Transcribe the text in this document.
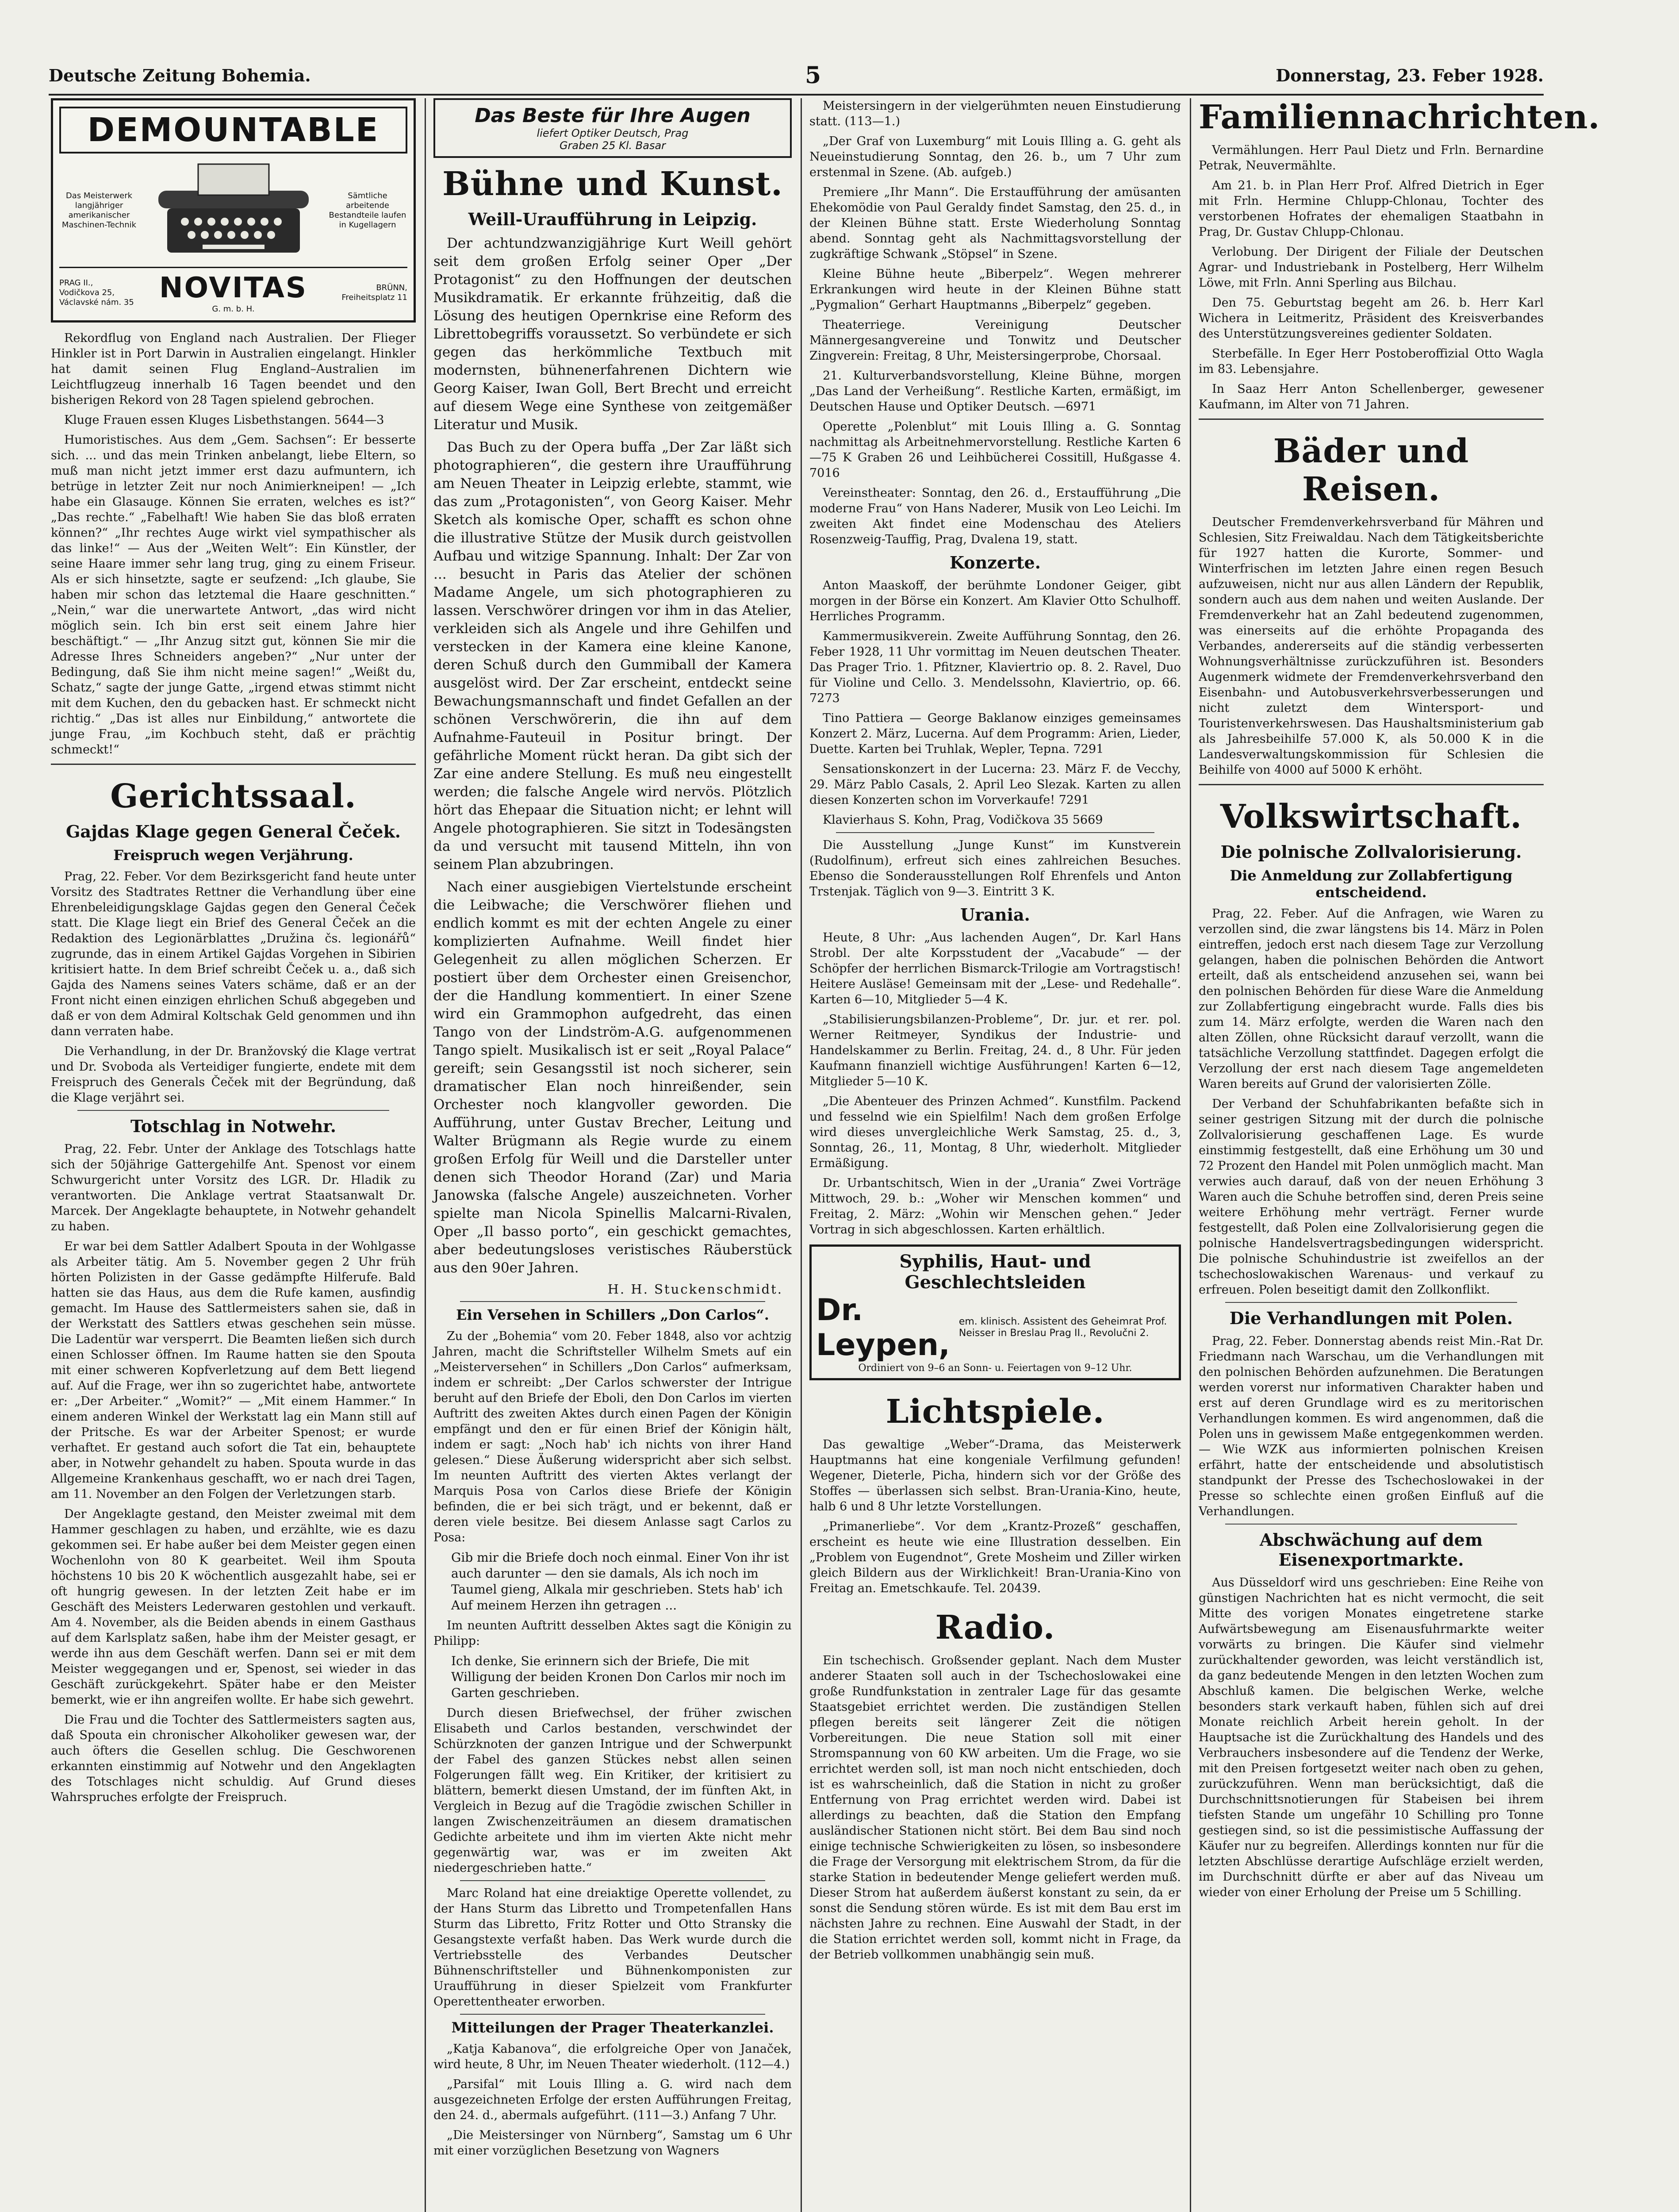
Deutsche Zeitung Bohemia.	5	Donnerstag, 23. Feber 1928.
DEMOUNTABLE
Das Meisterwerk langjähriger amerikanischer Maschinen-Technik
Sämtliche arbeitende Bestandteile laufen in Kugellagern
PRAG II., Vodičkova 25, Václavské nám. 35 NOVITAS
G. m. b. H.
BRÜNN, Freiheitsplatz 11

Rekordflug von England nach Australien. Der Flieger Hinkler ist in Port Darwin in Australien eingelangt. Hinkler hat damit seinen Flug England–Australien im Leichtflugzeug innerhalb 16 Tagen beendet und den bisherigen Rekord von 28 Tagen spielend gebrochen.

Kluge Frauen essen Kluges Lisbethstangen. 5644—3

Humoristisches. Aus dem „Gem. Sachsen“: Er besserte sich. ... und das mein Trinken anbelangt, liebe Eltern, so muß man nicht jetzt immer erst dazu aufmuntern, ich betrüge in letzter Zeit nur noch Animierkneipen! — „Ich habe ein Glasauge. Können Sie erraten, welches es ist?“ „Das rechte.“ „Fabelhaft! Wie haben Sie das bloß erraten können?“ „Ihr rechtes Auge wirkt viel sympathischer als das linke!“ — Aus der „Weiten Welt“: Ein Künstler, der seine Haare immer sehr lang trug, ging zu einem Friseur. Als er sich hinsetzte, sagte er seufzend: „Ich glaube, Sie haben mir schon das letztemal die Haare geschnitten.“ „Nein,“ war die unerwartete Antwort, „das wird nicht möglich sein. Ich bin erst seit einem Jahre hier beschäftigt.“ — „Ihr Anzug sitzt gut, können Sie mir die Adresse Ihres Schneiders angeben?“ „Nur unter der Bedingung, daß Sie ihm nicht meine sagen!“ „Weißt du, Schatz,“ sagte der junge Gatte, „irgend etwas stimmt nicht mit dem Kuchen, den du gebacken hast. Er schmeckt nicht richtig.“ „Das ist alles nur Einbildung,“ antwortete die junge Frau, „im Kochbuch steht, daß er prächtig schmeckt!“

Gerichtssaal.
Gajdas Klage gegen General Čeček.
Freispruch wegen Verjährung.

Prag, 22. Feber. Vor dem Bezirksgericht fand heute unter Vorsitz des Stadtrates Rettner die Verhandlung über eine Ehrenbeleidigungsklage Gajdas gegen den General Čeček statt. Die Klage liegt ein Brief des General Čeček an die Redaktion des Legionärblattes „Družina čs. legionářů“ zugrunde, das in einem Artikel Gajdas Vorgehen in Sibirien kritisiert hatte. In dem Brief schreibt Čeček u. a., daß sich Gajda des Namens seines Vaters schäme, daß er an der Front nicht einen einzigen ehrlichen Schuß abgegeben und daß er von dem Admiral Koltschak Geld genommen und ihn dann verraten habe.

Die Verhandlung, in der Dr. Branžovský die Klage vertrat und Dr. Svoboda als Verteidiger fungierte, endete mit dem Freispruch des Generals Čeček mit der Begründung, daß die Klage verjährt sei.

Totschlag in Notwehr.

Prag, 22. Febr. Unter der Anklage des Totschlags hatte sich der 50jährige Gattergehilfe Ant. Spenost vor einem Schwurgericht unter Vorsitz des LGR. Dr. Hladik zu verantworten. Die Anklage vertrat Staatsanwalt Dr. Marcek. Der Angeklagte behauptete, in Notwehr gehandelt zu haben.

Er war bei dem Sattler Adalbert Spouta in der Wohlgasse als Arbeiter tätig. Am 5. November gegen 2 Uhr früh hörten Polizisten in der Gasse gedämpfte Hilferufe. Bald hatten sie das Haus, aus dem die Rufe kamen, ausfindig gemacht. Im Hause des Sattlermeisters sahen sie, daß in der Werkstatt des Sattlers etwas geschehen sein müsse. Die Ladentür war versperrt. Die Beamten ließen sich durch einen Schlosser öffnen. Im Raume hatten sie den Spouta mit einer schweren Kopfverletzung auf dem Bett liegend auf. Auf die Frage, wer ihn so zugerichtet habe, antwortete er: „Der Arbeiter.“ „Womit?“ — „Mit einem Hammer.“ In einem anderen Winkel der Werkstatt lag ein Mann still auf der Pritsche. Es war der Arbeiter Spenost; er wurde verhaftet. Er gestand auch sofort die Tat ein, behauptete aber, in Notwehr gehandelt zu haben. Spouta wurde in das Allgemeine Krankenhaus geschafft, wo er nach drei Tagen, am 11. November an den Folgen der Verletzungen starb.

Der Angeklagte gestand, den Meister zweimal mit dem Hammer geschlagen zu haben, und erzählte, wie es dazu gekommen sei. Er habe außer bei dem Meister gegen einen Wochenlohn von 80 K gearbeitet. Weil ihm Spouta höchstens 10 bis 20 K wöchentlich ausgezahlt habe, sei er oft hungrig gewesen. In der letzten Zeit habe er im Geschäft des Meisters Lederwaren gestohlen und verkauft. Am 4. November, als die Beiden abends in einem Gasthaus auf dem Karlsplatz saßen, habe ihm der Meister gesagt, er werde ihn aus dem Geschäft werfen. Dann sei er mit dem Meister weggegangen und er, Spenost, sei wieder in das Geschäft zurückgekehrt. Später habe er den Meister bemerkt, wie er ihn angreifen wollte. Er habe sich gewehrt.

Die Frau und die Tochter des Sattlermeisters sagten aus, daß Spouta ein chronischer Alkoholiker gewesen war, der auch öfters die Gesellen schlug. Die Geschworenen erkannten einstimmig auf Notwehr und den Angeklagten des Totschlages nicht schuldig. Auf Grund dieses Wahrspruches erfolgte der Freispruch.

Das Beste für Ihre Augen
liefert Optiker Deutsch, Prag
Graben 25 Kl. Basar
Bühne und Kunst.
Weill-Uraufführung in Leipzig.

Der achtundzwanzigjährige Kurt Weill gehört seit dem großen Erfolg seiner Oper „Der Protagonist“ zu den Hoffnungen der deutschen Musikdramatik. Er erkannte frühzeitig, daß die Lösung des heutigen Opernkrise eine Reform des Librettobegriffs voraussetzt. So verbündete er sich gegen das herkömmliche Textbuch mit modernsten, bühnenerfahrenen Dichtern wie Georg Kaiser, Iwan Goll, Bert Brecht und erreicht auf diesem Wege eine Synthese von zeitgemäßer Literatur und Musik.

Das Buch zu der Opera buffa „Der Zar läßt sich photographieren“, die gestern ihre Uraufführung am Neuen Theater in Leipzig erlebte, stammt, wie das zum „Protagonisten“, von Georg Kaiser. Mehr Sketch als komische Oper, schafft es schon ohne die illustrative Stütze der Musik durch geistvollen Aufbau und witzige Spannung. Inhalt: Der Zar von ... besucht in Paris das Atelier der schönen Madame Angele, um sich photographieren zu lassen. Verschwörer dringen vor ihm in das Atelier, verkleiden sich als Angele und ihre Gehilfen und verstecken in der Kamera eine kleine Kanone, deren Schuß durch den Gummiball der Kamera ausgelöst wird. Der Zar erscheint, entdeckt seine Bewachungsmannschaft und findet Gefallen an der schönen Verschwörerin, die ihn auf dem Aufnahme-Fauteuil in Positur bringt. Der gefährliche Moment rückt heran. Da gibt sich der Zar eine andere Stellung. Es muß neu eingestellt werden; die falsche Angele wird nervös. Plötzlich hört das Ehepaar die Situation nicht; er lehnt will Angele photographieren. Sie sitzt in Todesängsten da und versucht mit tausend Mitteln, ihn von seinem Plan abzubringen.

Nach einer ausgiebigen Viertelstunde erscheint die Leibwache; die Verschwörer fliehen und endlich kommt es mit der echten Angele zu einer komplizierten Aufnahme. Weill findet hier Gelegenheit zu allen möglichen Scherzen. Er postiert über dem Orchester einen Greisenchor, der die Handlung kommentiert. In einer Szene wird ein Grammophon aufgedreht, das einen Tango von der Lindström-A.G. aufgenommenen Tango spielt. Musikalisch ist er seit „Royal Palace“ gereift; sein Gesangsstil ist noch sicherer, sein dramatischer Elan noch hinreißender, sein Orchester noch klangvoller geworden. Die Aufführung, unter Gustav Brecher, Leitung und Walter Brügmann als Regie wurde zu einem großen Erfolg für Weill und die Darsteller unter denen sich Theodor Horand (Zar) und Maria Janowska (falsche Angele) auszeichneten. Vorher spielte man Nicola Spinellis Malcarni-Rivalen, Oper „Il basso porto“, ein geschickt gemachtes, aber bedeutungsloses veristisches Räuberstück aus den 90er Jahren.

H. H. Stuckenschmidt.
Ein Versehen in Schillers „Don Carlos“.

Zu der „Bohemia“ vom 20. Feber 1848, also vor achtzig Jahren, macht die Schriftsteller Wilhelm Smets auf ein „Meisterversehen“ in Schillers „Don Carlos“ aufmerksam, indem er schreibt: „Der Carlos schwerster der Intrigue beruht auf den Briefe der Eboli, den Don Carlos im vierten Auftritt des zweiten Aktes durch einen Pagen der Königin empfängt und den er für einen Brief der Königin hält, indem er sagt: „Noch hab' ich nichts von ihrer Hand gelesen.“ Diese Äußerung widerspricht aber sich selbst. Im neunten Auftritt des vierten Aktes verlangt der Marquis Posa von Carlos diese Briefe der Königin befinden, die er bei sich trägt, und er bekennt, daß er deren viele besitze. Bei diesem Anlasse sagt Carlos zu Posa:

Gib mir die Briefe doch noch einmal. Einer Von ihr ist auch darunter — den sie damals, Als ich noch im Taumel gieng, Alkala mir geschrieben. Stets hab' ich Auf meinem Herzen ihn getragen ...

Im neunten Auftritt desselben Aktes sagt die Königin zu Philipp:

Ich denke, Sie erinnern sich der Briefe, Die mit Willigung der beiden Kronen Don Carlos mir noch im Garten geschrieben.

Durch diesen Briefwechsel, der früher zwischen Elisabeth und Carlos bestanden, verschwindet der Schürzknoten der ganzen Intrigue und der Schwerpunkt der Fabel des ganzen Stückes nebst allen seinen Folgerungen fällt weg. Ein Kritiker, der kritisiert zu blättern, bemerkt diesen Umstand, der im fünften Akt, in Vergleich in Bezug auf die Tragödie zwischen Schiller in langen Zwischenzeiträumen an diesem dramatischen Gedichte arbeitete und ihm im vierten Akte nicht mehr gegenwärtig war, was er im zweiten Akt niedergeschrieben hatte.“

Marc Roland hat eine dreiaktige Operette vollendet, zu der Hans Sturm das Libretto und Trompetenfallen Hans Sturm das Libretto, Fritz Rotter und Otto Stransky die Gesangstexte verfaßt haben. Das Werk wurde durch die Vertriebsstelle des Verbandes Deutscher Bühnenschriftsteller und Bühnenkomponisten zur Uraufführung in dieser Spielzeit vom Frankfurter Operettentheater erworben.

Mitteilungen der Prager Theaterkanzlei.

„Katja Kabanova“, die erfolgreiche Oper von Janaček, wird heute, 8 Uhr, im Neuen Theater wiederholt. (112—4.)

„Parsifal“ mit Louis Illing a. G. wird nach dem ausgezeichneten Erfolge der ersten Aufführungen Freitag, den 24. d., abermals aufgeführt. (111—3.) Anfang 7 Uhr.

„Die Meistersinger von Nürnberg“, Samstag um 6 Uhr mit einer vorzüglichen Besetzung von Wagners

Meistersingern in der vielgerühmten neuen Einstudierung statt. (113—1.)

„Der Graf von Luxemburg“ mit Louis Illing a. G. geht als Neueinstudierung Sonntag, den 26. b., um 7 Uhr zum erstenmal in Szene. (Ab. aufgeb.)

Premiere „Ihr Mann“. Die Erstaufführung der amüsanten Ehekomödie von Paul Geraldy findet Samstag, den 25. d., in der Kleinen Bühne statt. Erste Wiederholung Sonntag abend. Sonntag geht als Nachmittagsvorstellung der zugkräftige Schwank „Stöpsel“ in Szene.

Kleine Bühne heute „Biberpelz“. Wegen mehrerer Erkrankungen wird heute in der Kleinen Bühne statt „Pygmalion“ Gerhart Hauptmanns „Biberpelz“ gegeben.

Theaterriege. Vereinigung Deutscher Männergesangvereine und Tonwitz und Deutscher Zingverein: Freitag, 8 Uhr, Meistersingerprobe, Chorsaal.

21. Kulturverbandsvorstellung, Kleine Bühne, morgen „Das Land der Verheißung“. Restliche Karten, ermäßigt, im Deutschen Hause und Optiker Deutsch. —6971

Operette „Polenblut“ mit Louis Illing a. G. Sonntag nachmittag als Arbeitnehmervorstellung. Restliche Karten 6—75 K Graben 26 und Leihbücherei Cossitill, Hußgasse 4. 7016

Vereinstheater: Sonntag, den 26. d., Erstaufführung „Die moderne Frau“ von Hans Naderer, Musik von Leo Leichi. Im zweiten Akt findet eine Modenschau des Ateliers Rosenzweig-Tauffig, Prag, Dvalena 19, statt.

Konzerte.

Anton Maaskoff, der berühmte Londoner Geiger, gibt morgen in der Börse ein Konzert. Am Klavier Otto Schulhoff. Herrliches Programm.

Kammermusikverein. Zweite Aufführung Sonntag, den 26. Feber 1928, 11 Uhr vormittag im Neuen deutschen Theater. Das Prager Trio. 1. Pfitzner, Klaviertrio op. 8. 2. Ravel, Duo für Violine und Cello. 3. Mendelssohn, Klaviertrio, op. 66. 7273

Tino Pattiera — George Baklanow einziges gemeinsames Konzert 2. März, Lucerna. Auf dem Programm: Arien, Lieder, Duette. Karten bei Truhlak, Wepler, Tepna. 7291

Sensationskonzert in der Lucerna: 23. März F. de Vecchy, 29. März Pablo Casals, 2. April Leo Slezak. Karten zu allen diesen Konzerten schon im Vorverkaufe! 7291

Klavierhaus S. Kohn, Prag, Vodičkova 35 5669

Die Ausstellung „Junge Kunst“ im Kunstverein (Rudolfinum), erfreut sich eines zahlreichen Besuches. Ebenso die Sonderausstellungen Rolf Ehrenfels und Anton Trstenjak. Täglich von 9—3. Eintritt 3 K.

Urania.

Heute, 8 Uhr: „Aus lachenden Augen“, Dr. Karl Hans Strobl. Der alte Korpsstudent der „Vacabude“ — der Schöpfer der herrlichen Bismarck-Trilogie am Vortragstisch! Heitere Ausläse! Gemeinsam mit der „Lese- und Redehalle“. Karten 6—10, Mitglieder 5—4 K.

„Stabilisierungsbilanzen-Probleme“, Dr. jur. et rer. pol. Werner Reitmeyer, Syndikus der Industrie- und Handelskammer zu Berlin. Freitag, 24. d., 8 Uhr. Für jeden Kaufmann finanziell wichtige Ausführungen! Karten 6—12, Mitglieder 5—10 K.

„Die Abenteuer des Prinzen Achmed“. Kunstfilm. Packend und fesselnd wie ein Spielfilm! Nach dem großen Erfolge wird dieses unvergleichliche Werk Samstag, 25. d., 3, Sonntag, 26., 11, Montag, 8 Uhr, wiederholt. Mitglieder Ermäßigung.

Dr. Urbantschitsch, Wien in der „Urania“ Zwei Vorträge Mittwoch, 29. b.: „Woher wir Menschen kommen“ und Freitag, 2. März: „Wohin wir Menschen gehen.“ Jeder Vortrag in sich abgeschlossen. Karten erhältlich.

Syphilis, Haut- und Geschlechtsleiden
Dr. Leypen,
em. klinisch. Assistent des Geheimrat Prof. Neisser in Breslau Prag II., Revolučni 2.
Ordiniert von 9–6 an Sonn- u. Feiertagen von 9–12 Uhr.
Lichtspiele.

Das gewaltige „Weber“-Drama, das Meisterwerk Hauptmanns hat eine kongeniale Verfilmung gefunden! Wegener, Dieterle, Picha, hindern sich vor der Größe des Stoffes — überlassen sich selbst. Bran-Urania-Kino, heute, halb 6 und 8 Uhr letzte Vorstellungen.

„Primanerliebe“. Vor dem „Krantz-Prozeß“ geschaffen, erscheint es heute wie eine Illustration desselben. Ein „Problem von Eugendnot“, Grete Mosheim und Ziller wirken gleich Bildern aus der Wirklichkeit! Bran-Urania-Kino von Freitag an. Emetschkaufe. Tel. 20439.

Radio.

Ein tschechisch. Großsender geplant. Nach dem Muster anderer Staaten soll auch in der Tschechoslowakei eine große Rundfunkstation in zentraler Lage für das gesamte Staatsgebiet errichtet werden. Die zuständigen Stellen pflegen bereits seit längerer Zeit die nötigen Vorbereitungen. Die neue Station soll mit einer Stromspannung von 60 KW arbeiten. Um die Frage, wo sie errichtet werden soll, ist man noch nicht entschieden, doch ist es wahrscheinlich, daß die Station in nicht zu großer Entfernung von Prag errichtet werden wird. Dabei ist allerdings zu beachten, daß die Station den Empfang ausländischer Stationen nicht stört. Bei dem Bau sind noch einige technische Schwierigkeiten zu lösen, so insbesondere die Frage der Versorgung mit elektrischem Strom, da für die starke Station in bedeutender Menge geliefert werden muß. Dieser Strom hat außerdem äußerst konstant zu sein, da er sonst die Sendung stören würde. Es ist mit dem Bau erst im nächsten Jahre zu rechnen. Eine Auswahl der Stadt, in der die Station errichtet werden soll, kommt nicht in Frage, da der Betrieb vollkommen unabhängig sein muß.

Familiennachrichten.

Vermählungen. Herr Paul Dietz und Frln. Bernardine Petrak, Neuvermählte.

Am 21. b. in Plan Herr Prof. Alfred Dietrich in Eger mit Frln. Hermine Chlupp-Chlonau, Tochter des verstorbenen Hofrates der ehemaligen Staatbahn in Prag, Dr. Gustav Chlupp-Chlonau.

Verlobung. Der Dirigent der Filiale der Deutschen Agrar- und Industriebank in Postelberg, Herr Wilhelm Löwe, mit Frln. Anni Sperling aus Bilchau.

Den 75. Geburtstag begeht am 26. b. Herr Karl Wichera in Leitmeritz, Präsident des Kreisverbandes des Unterstützungsvereines gedienter Soldaten.

Sterbefälle. In Eger Herr Postoberoffizial Otto Wagla im 83. Lebensjahre.

In Saaz Herr Anton Schellenberger, gewesener Kaufmann, im Alter von 71 Jahren.

Bäder und Reisen.

Deutscher Fremdenverkehrsverband für Mähren und Schlesien, Sitz Freiwaldau. Nach dem Tätigkeitsberichte für 1927 hatten die Kurorte, Sommer- und Winterfrischen im letzten Jahre einen regen Besuch aufzuweisen, nicht nur aus allen Ländern der Republik, sondern auch aus dem nahen und weiten Auslande. Der Fremdenverkehr hat an Zahl bedeutend zugenommen, was einerseits auf die erhöhte Propaganda des Verbandes, andererseits auf die ständig verbesserten Wohnungsverhältnisse zurückzuführen ist. Besonders Augenmerk widmete der Fremdenverkehrsverband den Eisenbahn- und Autobusverkehrsverbesserungen und nicht zuletzt dem Wintersport- und Touristenverkehrswesen. Das Haushaltsministerium gab als Jahresbeihilfe 57.000 K, als 50.000 K in die Landesverwaltungskommission für Schlesien die Beihilfe von 4000 auf 5000 K erhöht.

Volkswirtschaft.
Die polnische Zollvalorisierung.
Die Anmeldung zur Zollabfertigung entscheidend.

Prag, 22. Feber. Auf die Anfragen, wie Waren zu verzollen sind, die zwar längstens bis 14. März in Polen eintreffen, jedoch erst nach diesem Tage zur Verzollung gelangen, haben die polnischen Behörden die Antwort erteilt, daß als entscheidend anzusehen sei, wann bei den polnischen Behörden für diese Ware die Anmeldung zur Zollabfertigung eingebracht wurde. Falls dies bis zum 14. März erfolgte, werden die Waren nach den alten Zöllen, ohne Rücksicht darauf verzollt, wann die tatsächliche Verzollung stattfindet. Dagegen erfolgt die Verzollung der erst nach diesem Tage angemeldeten Waren bereits auf Grund der valorisierten Zölle.

Der Verband der Schuhfabrikanten befaßte sich in seiner gestrigen Sitzung mit der durch die polnische Zollvalorisierung geschaffenen Lage. Es wurde einstimmig festgestellt, daß eine Erhöhung um 30 und 72 Prozent den Handel mit Polen unmöglich macht. Man verwies auch darauf, daß von der neuen Erhöhung 3 Waren auch die Schuhe betroffen sind, deren Preis seine weitere Erhöhung mehr verträgt. Ferner wurde festgestellt, daß Polen eine Zollvalorisierung gegen die polnische Handelsvertragsbedingungen widerspricht. Die polnische Schuhindustrie ist zweifellos an der tschechoslowakischen Warenaus- und verkauf zu erfreuen. Polen beseitigt damit den Zollkonflikt.

Die Verhandlungen mit Polen.

Prag, 22. Feber. Donnerstag abends reist Min.-Rat Dr. Friedmann nach Warschau, um die Verhandlungen mit den polnischen Behörden aufzunehmen. Die Beratungen werden vorerst nur informativen Charakter haben und erst auf deren Grundlage wird es zu meritorischen Verhandlungen kommen. Es wird angenommen, daß die Polen uns in gewissem Maße entgegenkommen werden. — Wie WZK aus informierten polnischen Kreisen erfährt, hatte der entscheidende und absolutistisch standpunkt der Presse des Tschechoslowakei in der Presse so schlechte einen großen Einfluß auf die Verhandlungen.

Abschwächung auf dem Eisenexportmarkte.

Aus Düsseldorf wird uns geschrieben: Eine Reihe von günstigen Nachrichten hat es nicht vermocht, die seit Mitte des vorigen Monates eingetretene starke Aufwärtsbewegung am Eisenausfuhrmarkte weiter vorwärts zu bringen. Die Käufer sind vielmehr zurückhaltender geworden, was leicht verständlich ist, da ganz bedeutende Mengen in den letzten Wochen zum Abschluß kamen. Die belgischen Werke, welche besonders stark verkauft haben, fühlen sich auf drei Monate reichlich Arbeit herein geholt. In der Hauptsache ist die Zurückhaltung des Handels und des Verbrauchers insbesondere auf die Tendenz der Werke, mit den Preisen fortgesetzt weiter nach oben zu gehen, zurückzuführen. Wenn man berücksichtigt, daß die Durchschnittsnotierungen für Stabeisen bei ihrem tiefsten Stande um ungefähr 10 Schilling pro Tonne gestiegen sind, so ist die pessimistische Auffassung der Käufer nur zu begreifen. Allerdings konnten nur für die letzten Abschlüsse derartige Aufschläge erzielt werden, im Durchschnitt dürfte er aber auf das Niveau um wieder von einer Erholung der Preise um 5 Schilling.
